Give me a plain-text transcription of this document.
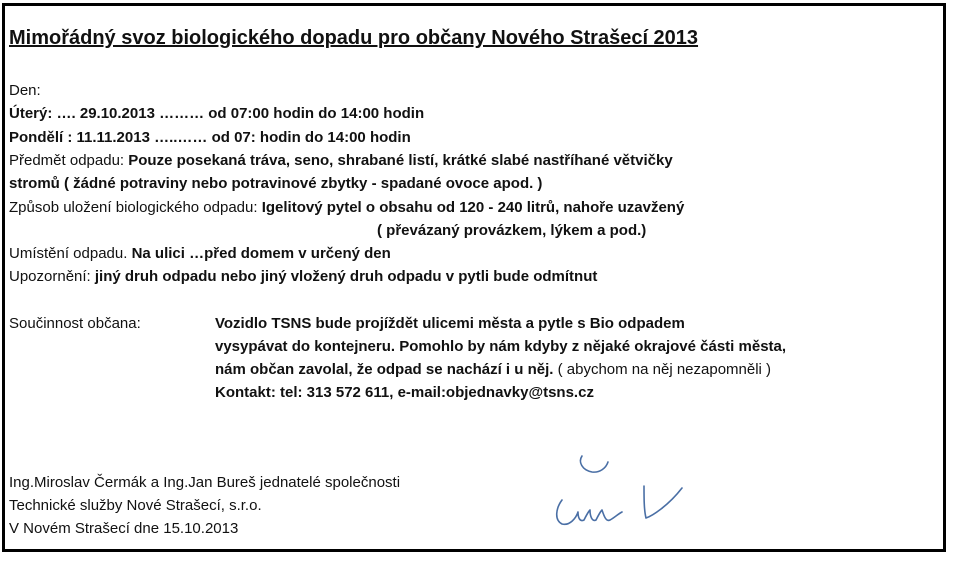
Mimořádný svoz biologického dopadu pro občany Nového Strašecí 2013
Den:
Úterý: …. 29.10.2013 ……… od 07:00 hodin do 14:00 hodin
Pondělí : 11.11.2013 …..…… od 07: hodin do 14:00 hodin
Předmět odpadu: Pouze posekaná tráva, seno, shrabané listí, krátké slabé nastříhané větvičky
stromů ( žádné potraviny nebo potravinové zbytky - spadané ovoce apod. )
Způsob uložení biologického odpadu: Igelitový pytel o obsahu od 120 - 240 litrů, nahoře uzavžený
( převázaný provázkem, lýkem a pod.)
Umístění odpadu. Na ulici …před domem v určený den
Upozornění: jiný druh odpadu nebo jiný vložený druh odpadu v pytli bude odmítnut
Součinnost občana:	Vozidlo TSNS bude projíždět ulicemi města a pytle s Bio odpadem
vysypávat do kontejneru. Pomohlo by nám kdyby z nějaké okrajové části města,
nám občan zavolal, že odpad se nachází i u něj. ( abychom na něj nezapomněli )
Kontakt: tel: 313 572 611, e-mail:objednavky@tsns.cz
Ing.Miroslav Čermák a Ing.Jan Bureš jednatelé společnosti
Technické služby Nové Strašecí, s.r.o.
V Novém Strašecí dne 15.10.2013
